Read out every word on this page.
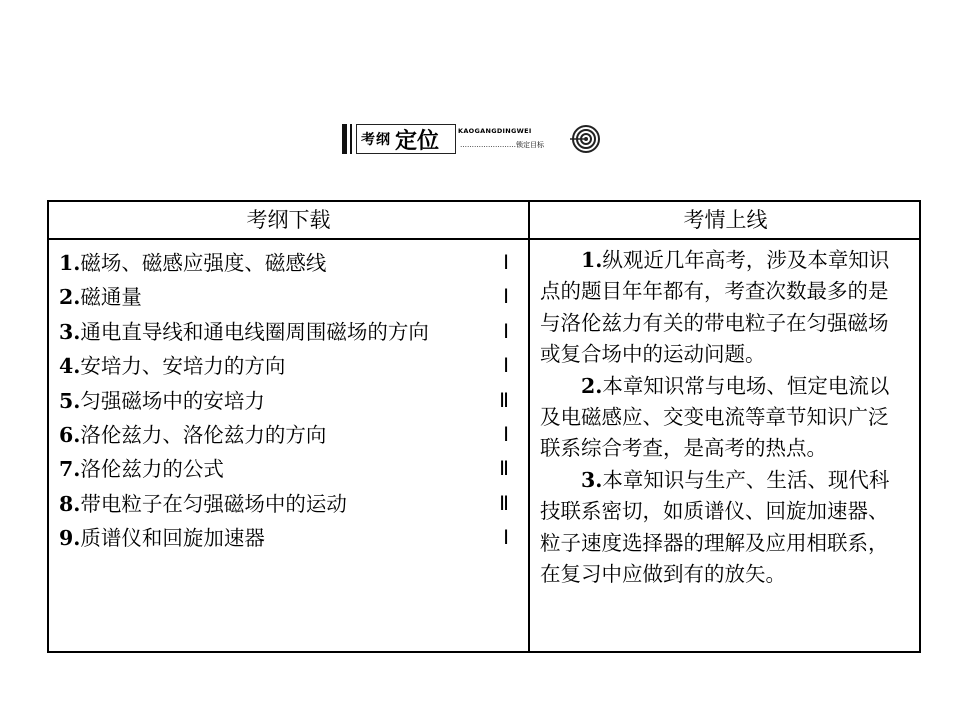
考纲 定位	KAOGANGDINGWEI
……………………锁定目标
考纲下载	考情上线
1.磁场、磁感应强度、磁感线	Ⅰ
2.磁通量	Ⅰ
3.通电直导线和通电线圈周围磁场的方向	Ⅰ
4.安培力、安培力的方向	Ⅰ
5.匀强磁场中的安培力	Ⅱ
6.洛伦兹力、洛伦兹力的方向	Ⅰ
7.洛伦兹力的公式	Ⅱ
8.带电粒子在匀强磁场中的运动	Ⅱ
9.质谱仪和回旋加速器	Ⅰ

1.纵观近几年高考，涉及本章知识点的题目年年都有，考查次数最多的是与洛伦兹力有关的带电粒子在匀强磁场或复合场中的运动问题。

2.本章知识常与电场、恒定电流以及电磁感应、交变电流等章节知识广泛联系综合考查，是高考的热点。

3.本章知识与生产、生活、现代科技联系密切，如质谱仪、回旋加速器、粒子速度选择器的理解及应用相联系，在复习中应做到有的放矢。
